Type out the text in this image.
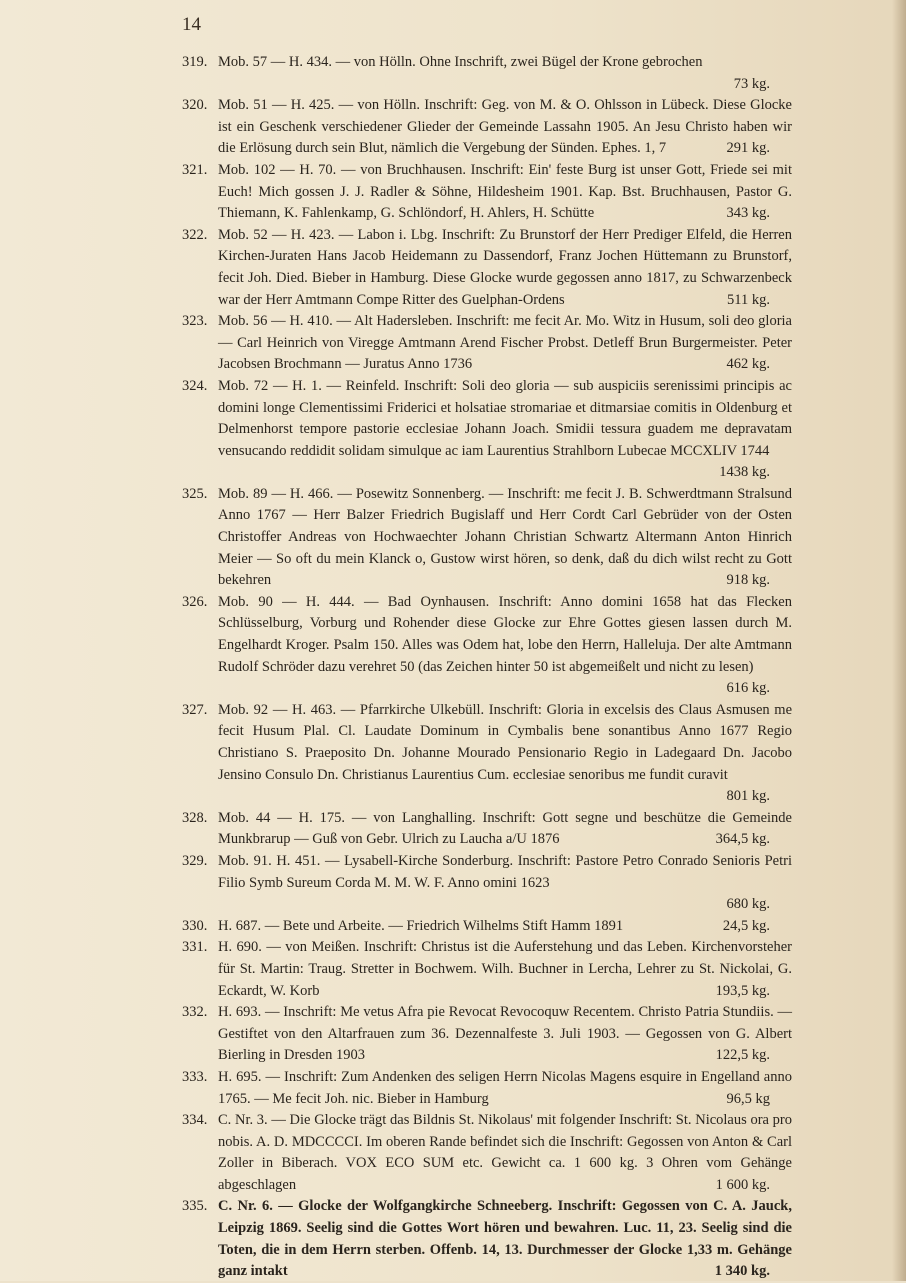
14
319. Mob. 57 — H. 434. — von Hölln. Ohne Inschrift, zwei Bügel der Krone gebrochen
73 kg.
320. Mob. 51 — H. 425. — von Hölln. Inschrift: Geg. von M. & O. Ohlsson in Lübeck. Diese Glocke ist ein Geschenk verschiedener Glieder der Gemeinde Lassahn 1905. An Jesu Christo haben wir die Erlösung durch sein Blut, nämlich die Vergebung der Sünden. Ephes. 1, 7	291 kg.
321. Mob. 102 — H. 70. — von Bruchhausen. Inschrift: Ein' feste Burg ist unser Gott, Friede sei mit Euch! Mich gossen J. J. Radler & Söhne, Hildesheim 1901. Kap. Bst. Bruchhausen, Pastor G. Thiemann, K. Fahlenkamp, G. Schlöndorf, H. Ahlers, H. Schütte	343 kg.
322. Mob. 52 — H. 423. — Labon i. Lbg. Inschrift: Zu Brunstorf der Herr Prediger Elfeld, die Herren Kirchen-Juraten Hans Jacob Heidemann zu Dassendorf, Franz Jochen Hüttemann zu Brunstorf, fecit Joh. Died. Bieber in Hamburg. Diese Glocke wurde gegossen anno 1817, zu Schwarzenbeck war der Herr Amtmann Compe Ritter des Guelphan-Ordens	511 kg.
323. Mob. 56 — H. 410. — Alt Hadersleben. Inschrift: me fecit Ar. Mo. Witz in Husum, soli deo gloria — Carl Heinrich von Viregge Amtmann Arend Fischer Probst. Detleff Brun Burgermeister. Peter Jacobsen Brochmann — Juratus Anno 1736	462 kg.
324. Mob. 72 — H. 1. — Reinfeld. Inschrift: Soli deo gloria — sub auspiciis serenissimi principis ac domini longe Clementissimi Friderici et holsatiae stromariae et ditmarsiae comitis in Oldenburg et Delmenhorst tempore pastorie ecclesiae Johann Joach. Smidii tessura guadem me depravatam vensucando reddidit solidam simulque ac iam Laurentius Strahlborn Lubecae MCCXLIV 1744
1438 kg.
325. Mob. 89 — H. 466. — Posewitz Sonnenberg. — Inschrift: me fecit J. B. Schwerdtmann Stralsund Anno 1767 — Herr Balzer Friedrich Bugislaff und Herr Cordt Carl Gebrüder von der Osten Christoffer Andreas von Hochwaechter Johann Christian Schwartz Altermann Anton Hinrich Meier — So oft du mein Klanck o, Gustow wirst hören, so denk, daß du dich wilst recht zu Gott bekehren	918 kg.
326. Mob. 90 — H. 444. — Bad Oynhausen. Inschrift: Anno domini 1658 hat das Flecken Schlüsselburg, Vorburg und Rohender diese Glocke zur Ehre Gottes giesen lassen durch M. Engelhardt Kroger. Psalm 150. Alles was Odem hat, lobe den Herrn, Halleluja. Der alte Amtmann Rudolf Schröder dazu verehret 50 (das Zeichen hinter 50 ist abgemeißelt und nicht zu lesen)
616 kg.
327. Mob. 92 — H. 463. — Pfarrkirche Ulkebüll. Inschrift: Gloria in excelsis des Claus Asmusen me fecit Husum Plal. Cl. Laudate Dominum in Cymbalis bene sonantibus Anno 1677 Regio Christiano S. Praeposito Dn. Johanne Mourado Pensionario Regio in Ladegaard Dn. Jacobo Jensino Consulo Dn. Christianus Laurentius Cum. ecclesiae senoribus me fundit curavit
801 kg.
328. Mob. 44 — H. 175. — von Langhalling. Inschrift: Gott segne und beschütze die Gemeinde Munkbrarup — Guß von Gebr. Ulrich zu Laucha a/U 1876	364,5 kg.
329. Mob. 91. H. 451. — Lysabell-Kirche Sonderburg. Inschrift: Pastore Petro Conrado Senioris Petri Filio Symb Sureum Corda M. M. W. F. Anno omini 1623
680 kg.
330. H. 687. — Bete und Arbeite. — Friedrich Wilhelms Stift Hamm 1891	24,5 kg.
331. H. 690. — von Meißen. Inschrift: Christus ist die Auferstehung und das Leben. Kirchenvorsteher für St. Martin: Traug. Stretter in Bochwem. Wilh. Buchner in Lercha, Lehrer zu St. Nickolai, G. Eckardt, W. Korb	193,5 kg.
332. H. 693. — Inschrift: Me vetus Afra pie Revocat Revocoquw Recentem. Christo Patria Stundiis. — Gestiftet von den Altarfrauen zum 36. Dezennalfeste 3. Juli 1903. — Gegossen von G. Albert Bierling in Dresden 1903	122,5 kg.
333. H. 695. — Inschrift: Zum Andenken des seligen Herrn Nicolas Magens esquire in Engelland anno 1765. — Me fecit Joh. nic. Bieber in Hamburg	96,5 kg
334. C. Nr. 3. — Die Glocke trägt das Bildnis St. Nikolaus' mit folgender Inschrift: St. Nicolaus ora pro nobis. A. D. MDCCCCI. Im oberen Rande befindet sich die Inschrift: Gegossen von Anton & Carl Zoller in Biberach. VOX ECO SUM etc. Gewicht ca. 1 600 kg. 3 Ohren vom Gehänge abgeschlagen	1 600 kg.
335. C. Nr. 6. — Glocke der Wolfgangkirche Schneeberg. Inschrift: Gegossen von C. A. Jauck, Leipzig 1869. Seelig sind die Gottes Wort hören und bewahren. Luc. 11, 23. Seelig sind die Toten, die in dem Herrn sterben. Offenb. 14, 13. Durchmesser der Glocke 1,33 m. Gehänge ganz intakt	1 340 kg.
